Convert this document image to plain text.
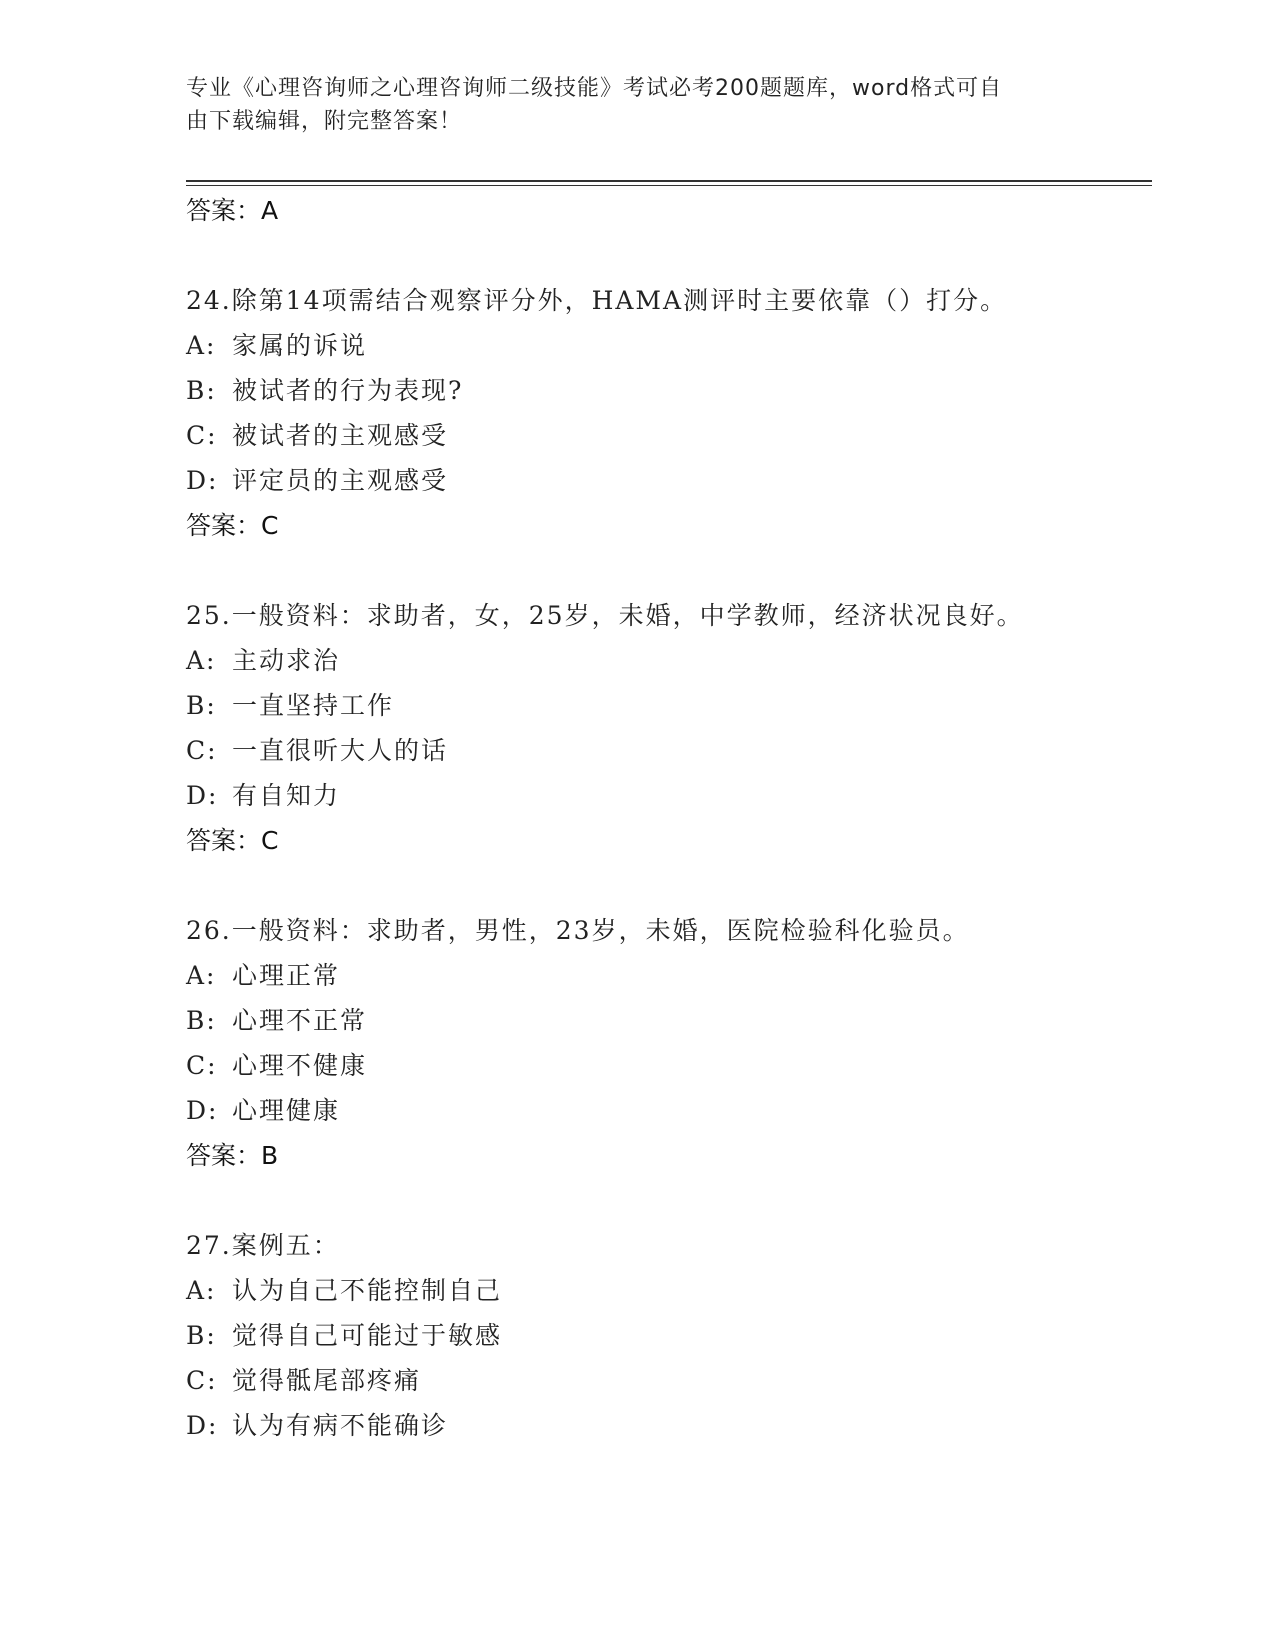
专业《心理咨询师之心理咨询师二级技能》考试必考200题题库，word格式可自
由下载编辑，附完整答案！
答案：A
24.除第14项需结合观察评分外，HAMA测评时主要依靠（）打分。
A: 家属的诉说
B: 被试者的行为表现?
C: 被试者的主观感受
D: 评定员的主观感受
答案：C
25.一般资料：求助者，女，25岁，未婚，中学教师，经济状况良好。
A: 主动求治
B: 一直坚持工作
C: 一直很听大人的话
D: 有自知力
答案：C
26.一般资料：求助者，男性，23岁，未婚，医院检验科化验员。
A: 心理正常
B: 心理不正常
C: 心理不健康
D: 心理健康
答案：B
27.案例五：
A: 认为自己不能控制自己
B: 觉得自己可能过于敏感
C: 觉得骶尾部疼痛
D: 认为有病不能确诊
